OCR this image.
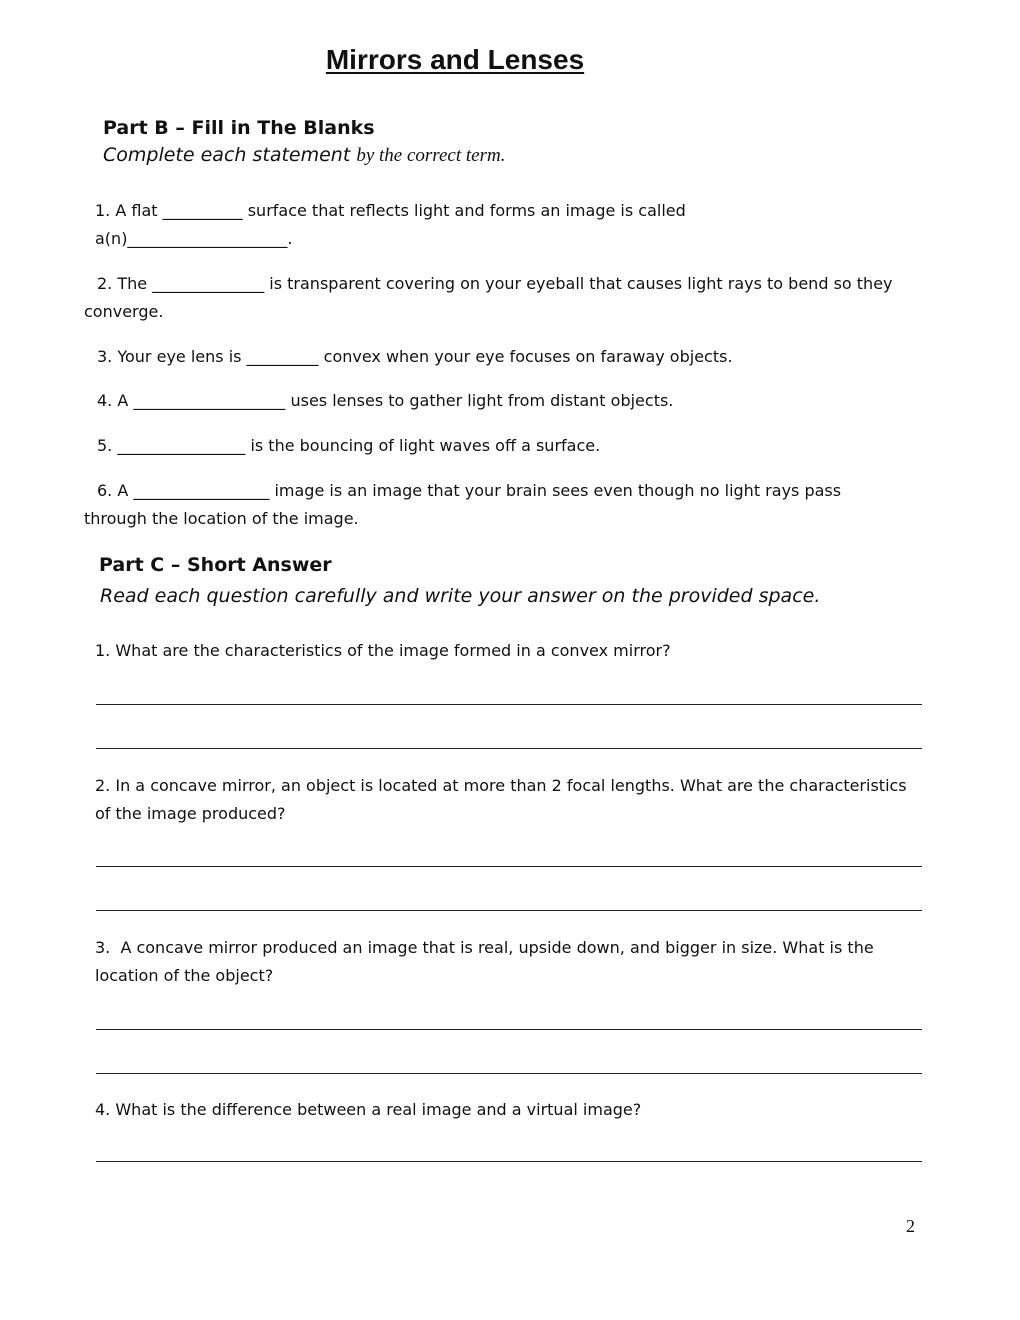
Mirrors and Lenses
Part B – Fill in The Blanks
Complete each statement by the correct term.
1. A flat __________ surface that reflects light and forms an image is called
a(n)____________________.
2. The ______________ is transparent covering on your eyeball that causes light rays to bend so they
converge.
3. Your eye lens is _________ convex when your eye focuses on faraway objects.
4. A ___________________ uses lenses to gather light from distant objects.
5. ________________ is the bouncing of light waves off a surface.
6. A _________________ image is an image that your brain sees even though no light rays pass
through the location of the image.
Part C – Short Answer
Read each question carefully and write your answer on the provided space.
1. What are the characteristics of the image formed in a convex mirror?
2. In a concave mirror, an object is located at more than 2 focal lengths. What are the characteristics
of the image produced?
3.  A concave mirror produced an image that is real, upside down, and bigger in size. What is the
location of the object?
4. What is the difference between a real image and a virtual image?
2
